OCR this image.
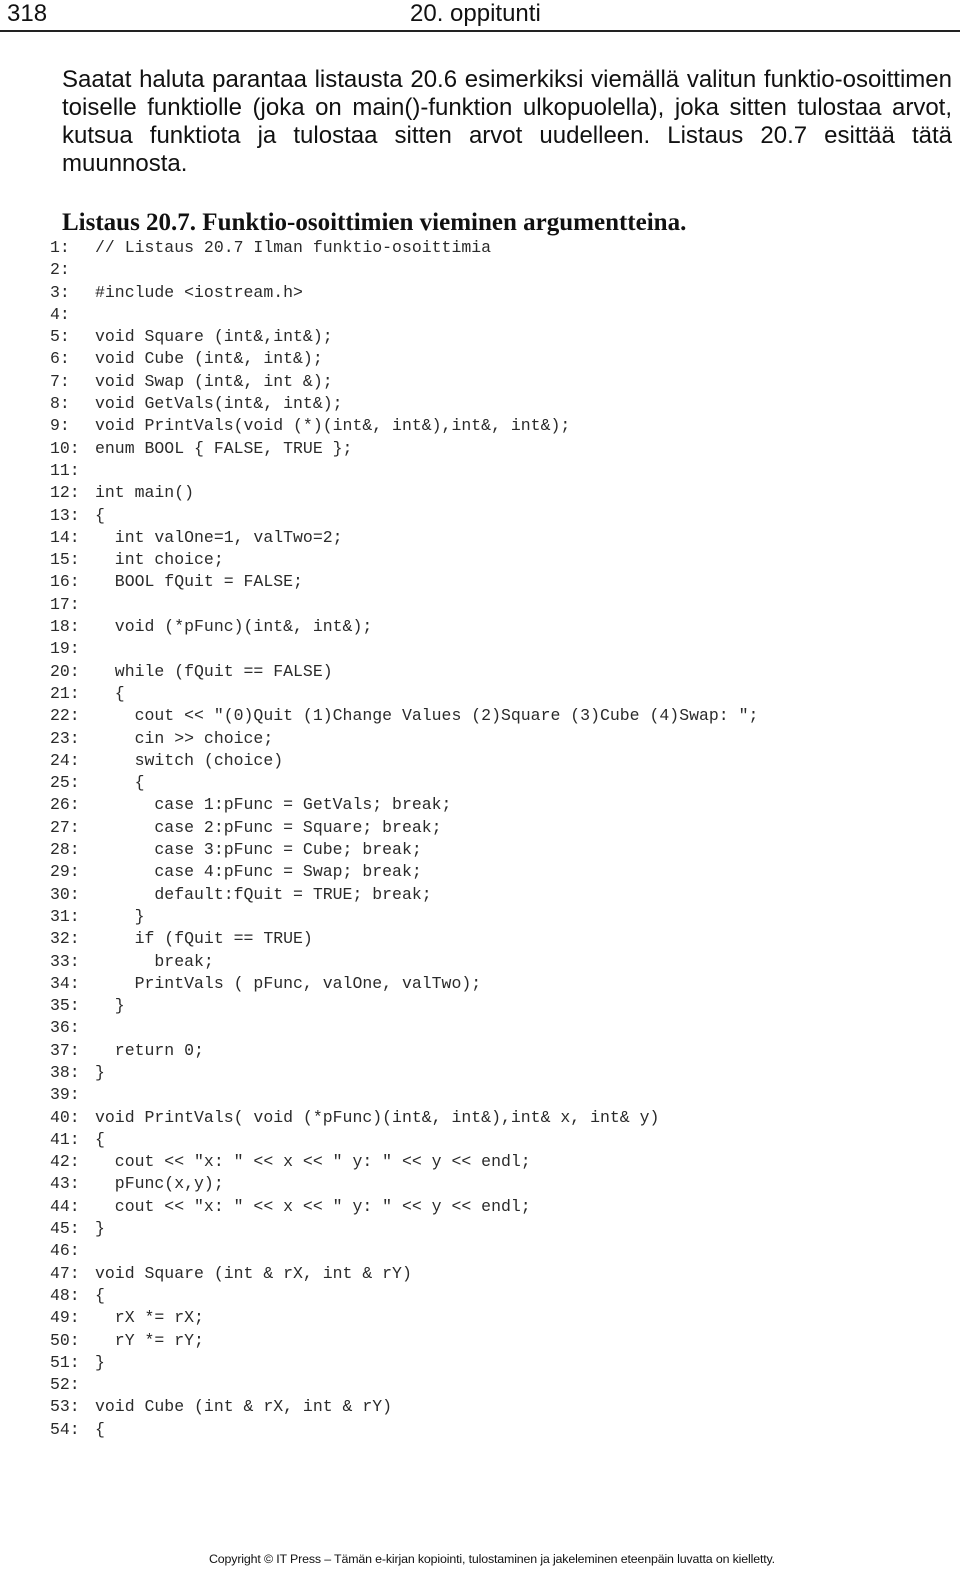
318	20. oppitunti

Saatat haluta parantaa listausta 20.6 esimerkiksi viemällä valitun funktio-osoittimen toiselle funktiolle (joka on main()-funktion ulkopuolella), joka sitten tulostaa arvot, kutsua funktiota ja tulostaa sitten arvot uudelleen. Listaus 20.7 esittää tätä muunnosta.

Listaus 20.7. Funktio-osoittimien vieminen argumentteina.
1: // Listaus 20.7 Ilman funktio-osoittimia
2:
3: #include <iostream.h>
4:
5: void Square (int&,int&);
6: void Cube (int&, int&);
7: void Swap (int&, int &);
8: void GetVals(int&, int&);
9: void PrintVals(void (*)(int&, int&),int&, int&);
10: enum BOOL { FALSE, TRUE };
11:
12: int main()
13: {
14: int valOne=1, valTwo=2;
15: int choice;
16: BOOL fQuit = FALSE;
17:
18: void (*pFunc)(int&, int&);
19:
20: while (fQuit == FALSE)
21: {
22: cout << "(0)Quit (1)Change Values (2)Square (3)Cube (4)Swap: ";
23: cin >> choice;
24: switch (choice)
25: {
26: case 1:pFunc = GetVals; break;
27: case 2:pFunc = Square; break;
28: case 3:pFunc = Cube; break;
29: case 4:pFunc = Swap; break;
30: default:fQuit = TRUE; break;
31: }
32: if (fQuit == TRUE)
33: break;
34: PrintVals ( pFunc, valOne, valTwo);
35: }
36:
37: return 0;
38: }
39:
40: void PrintVals( void (*pFunc)(int&, int&),int& x, int& y)
41: {
42: cout << "x: " << x << " y: " << y << endl;
43: pFunc(x,y);
44: cout << "x: " << x << " y: " << y << endl;
45: }
46:
47: void Square (int & rX, int & rY)
48: {
49: rX *= rX;
50: rY *= rY;
51: }
52:
53: void Cube (int & rX, int & rY)
54: {

Copyright © IT Press – Tämän e-kirjan kopiointi, tulostaminen ja jakeleminen eteenpäin luvatta on kielletty.
